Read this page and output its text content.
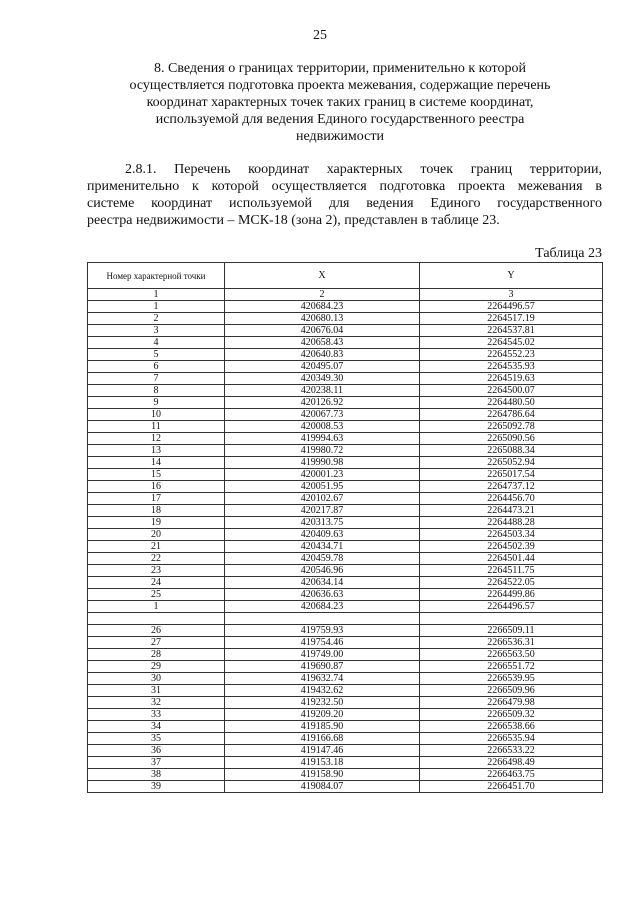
25
8. Сведения о границах территории, применительно к которой
осуществляется подготовка проекта межевания, содержащие перечень
координат характерных точек таких границ в системе координат,
используемой для ведения Единого государственного реестра
недвижимости
2.8.1. Перечень координат характерных точек границ территории,
применительно к которой осуществляется подготовка проекта межевания в
системе координат используемой для ведения Единого государственного
реестра недвижимости – МСК-18 (зона 2), представлен в таблице 23.
Таблица 23
Номер характерной точки	X	Y
1	2	3
1	420684.23	2264496.57
2	420680.13	2264517.19
3	420676.04	2264537.81
4	420658.43	2264545.02
5	420640.83	2264552.23
6	420495.07	2264535.93
7	420349.30	2264519.63
8	420238.11	2264500.07
9	420126.92	2264480.50
10	420067.73	2264786.64
11	420008.53	2265092.78
12	419994.63	2265090.56
13	419980.72	2265088.34
14	419990.98	2265052.94
15	420001.23	2265017.54
16	420051.95	2264737.12
17	420102.67	2264456.70
18	420217.87	2264473.21
19	420313.75	2264488.28
20	420409.63	2264503.34
21	420434.71	2264502.39
22	420459.78	2264501.44
23	420546.96	2264511.75
24	420634.14	2264522.05
25	420636.63	2264499.86
1	420684.23	2264496.57

26	419759.93	2266509.11
27	419754.46	2266536.31
28	419749.00	2266563.50
29	419690.87	2266551.72
30	419632.74	2266539.95
31	419432.62	2266509.96
32	419232.50	2266479.98
33	419209.20	2266509.32
34	419185.90	2266538.66
35	419166.68	2266535.94
36	419147.46	2266533.22
37	419153.18	2266498.49
38	419158.90	2266463.75
39	419084.07	2266451.70
